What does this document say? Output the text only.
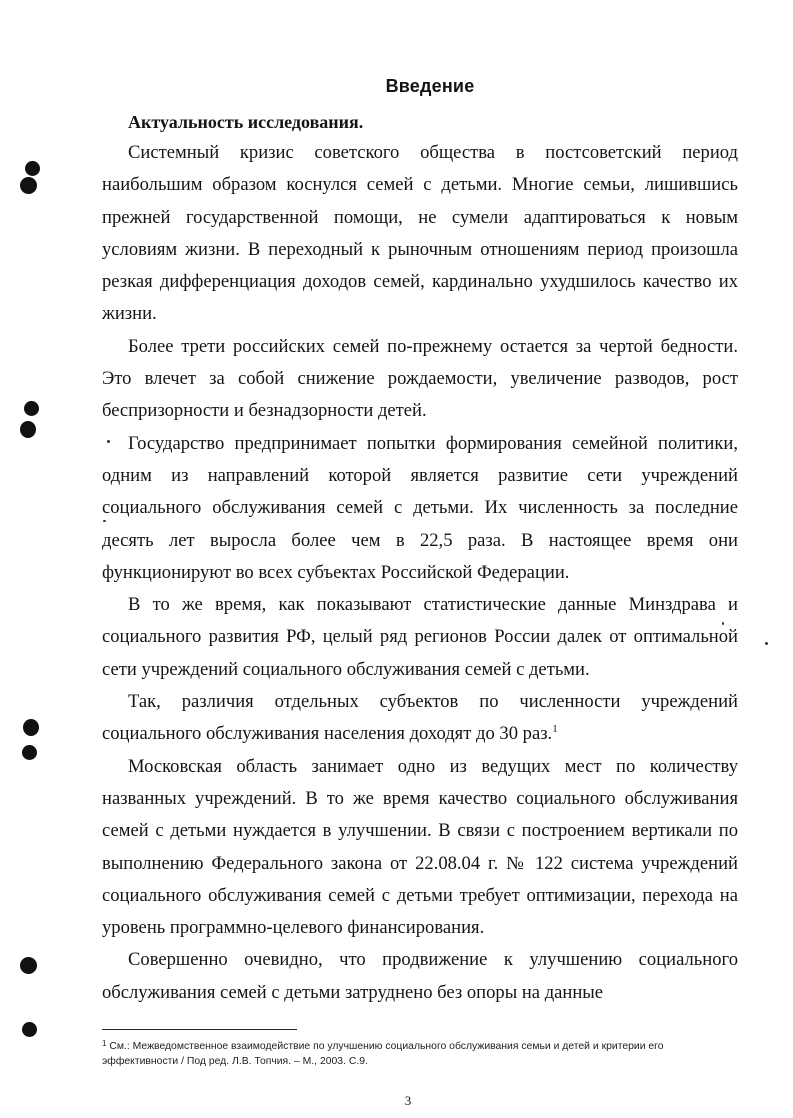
Введение
Актуальность исследования.

Системный кризис советского общества в постсоветский период наибольшим образом коснулся семей с детьми. Многие семьи, лишившись прежней государственной помощи, не сумели адаптироваться к новым условиям жизни. В переходный к рыночным отношениям период произошла резкая дифференциация доходов семей, кардинально ухудшилось качество их жизни.

Более трети российских семей по-прежнему остается за чертой бедности. Это влечет за собой снижение рождаемости, увеличение разводов, рост беспризорности и безнадзорности детей.

Государство предпринимает попытки формирования семейной политики, одним из направлений которой является развитие сети учреждений социального обслуживания семей с детьми. Их численность за последние десять лет выросла более чем в 22,5 раза. В настоящее время они функционируют во всех субъектах Российской Федерации.

В то же время, как показывают статистические данные Минздрава и социального развития РФ, целый ряд регионов России далек от оптимальной сети учреждений социального обслуживания семей с детьми.

Так, различия отдельных субъектов по численности учреждений социального обслуживания населения доходят до 30 раз.$^1$

Московская область занимает одно из ведущих мест по количеству названных учреждений. В то же время качество социального обслуживания семей с детьми нуждается в улучшении. В связи с построением вертикали по выполнению Федерального закона от 22.08.04 г. № 122 система учреждений социального обслуживания семей с детьми требует оптимизации, перехода на уровень программно-целевого финансирования.

Совершенно очевидно, что продвижение к улучшению социального обслуживания семей с детьми затруднено без опоры на данные

$^1$ См.: Межведомственное взаимодействие по улучшению социального обслуживания семьи и детей и критерии его эффективности / Под ред. Л.В. Топчия. – М., 2003. С.9.
3
